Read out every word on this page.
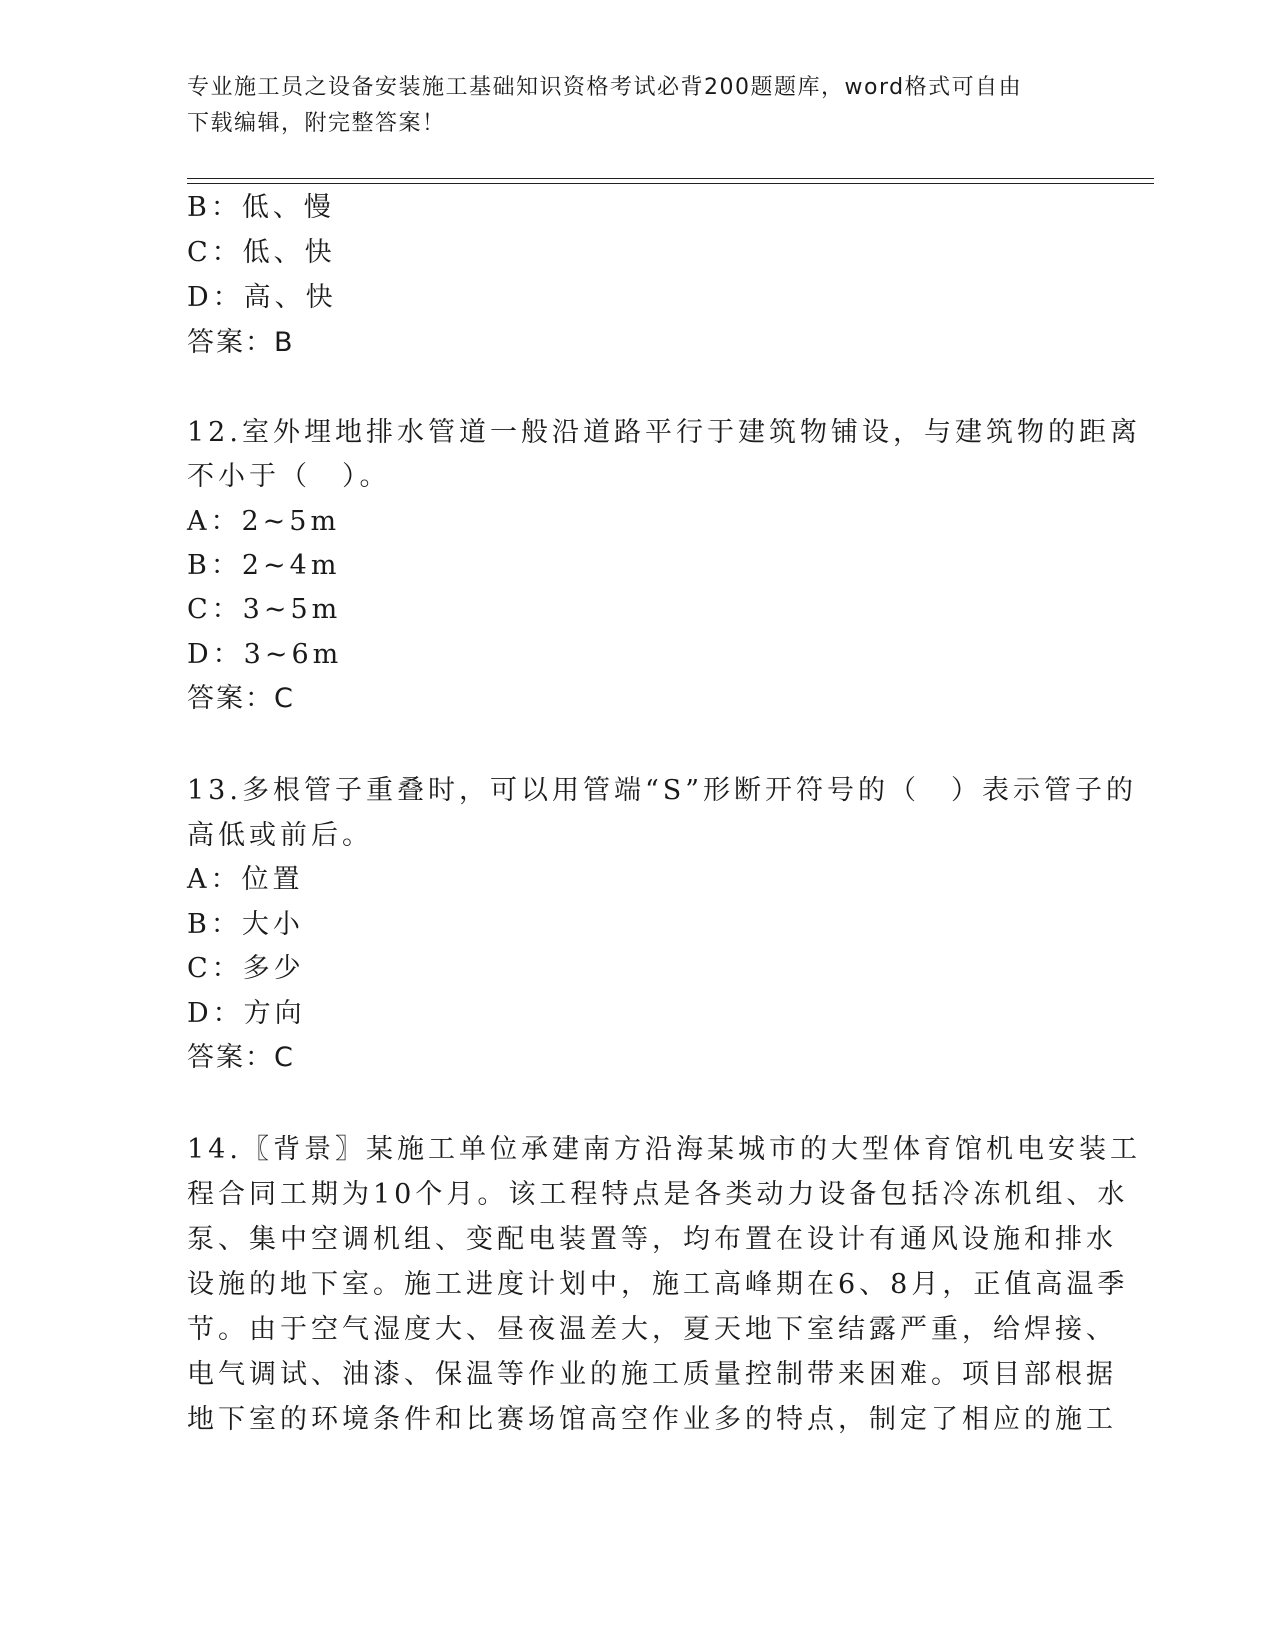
专业施工员之设备安装施工基础知识资格考试必背200题题库，word格式可自由
下载编辑，附完整答案！
B：低、慢
C：低、快
D：高、快
答案：B
12.室外埋地排水管道一般沿道路平行于建筑物铺设，与建筑物的距离
不小于（　）。
A：2~5m
B：2~4m
C：3~5m
D：3~6m
答案：C
13.多根管子重叠时，可以用管端“S”形断开符号的（　）表示管子的
高低或前后。
A：位置
B：大小
C：多少
D：方向
答案：C
14.〖背景〗某施工单位承建南方沿海某城市的大型体育馆机电安装工
程合同工期为10个月。该工程特点是各类动力设备包括冷冻机组、水
泵、集中空调机组、变配电装置等，均布置在设计有通风设施和排水
设施的地下室。施工进度计划中，施工高峰期在6、8月，正值高温季
节。由于空气湿度大、昼夜温差大，夏天地下室结露严重，给焊接、
电气调试、油漆、保温等作业的施工质量控制带来困难。项目部根据
地下室的环境条件和比赛场馆高空作业多的特点，制定了相应的施工
